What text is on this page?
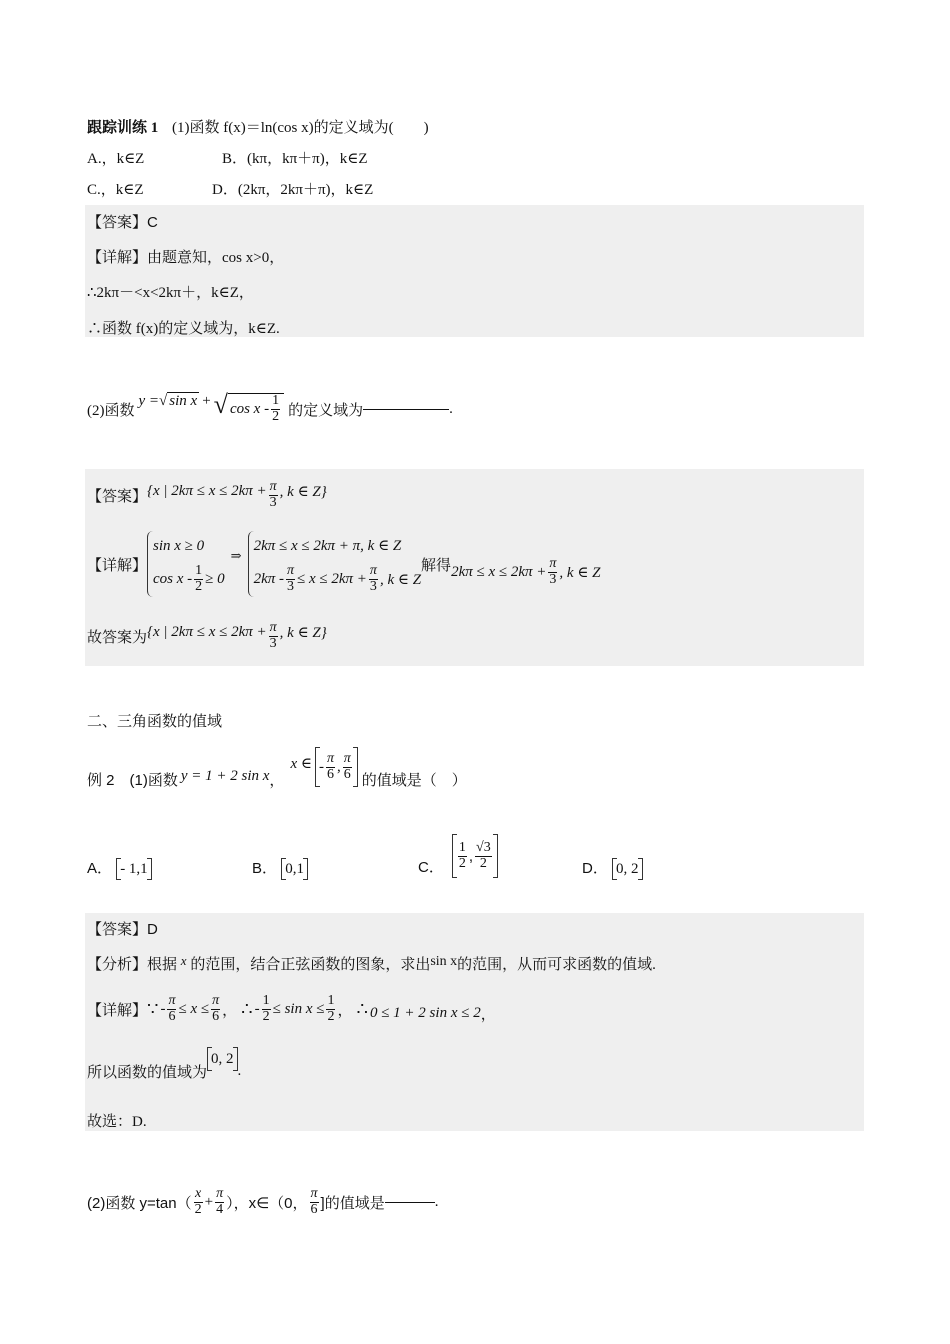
跟踪训练 1 (1)函数 f(x)＝ln(cos x)的定义域为(　　)
A.，k∈Z	B．(kπ，kπ＋π)，k∈Z
C.，k∈Z	D．(2kπ，2kπ＋π)，k∈Z
【答案】C
【详解】由题意知，cos x>0，
∴2kπ－<x<2kπ＋，k∈Z，
∴函数 f(x)的定义域为，k∈Z.
(2)函数
y = √ sin x + √ cos x - $\frac{1}{2}$ 的定义域为	.
【答案】 {x | $2k\pi \le x \le 2k\pi + \frac{\pi}{3}$ , k ∈ Z}
【详解】
sin x ≥ 0
$\cos x - \frac{1}{2} \ge 0$
⇒
2kπ ≤ x ≤ 2kπ + π, k ∈ Z
$2k\pi - \frac{\pi}{3} \le x \le 2k\pi + \frac{\pi}{3}$ , k ∈ Z
解得 $2k\pi \le x \le 2k\pi + \frac{\pi}{3}$ , k ∈ Z
故答案为 {x | $2k\pi \le x \le 2k\pi + \frac{\pi}{3}$ , k ∈ Z}
二、三角函数的值域
例 2　(1)函数 y = 1 + 2 sin x ，
x ∈ - $\frac{\pi}{6}$ , $\frac{\pi}{6}$ 的值域是（　）
A． - 1,1	B． 0,1	C． $\frac{1}{2}$ , $\frac{√3}{2}$	D． 0, 2
【答案】D
【分析】根据 x 的范围，结合正弦函数的图象，求出sin x的范围，从而可求函数的值域.
【详解】 ∵ - $\frac{\pi}{6} \le x \le \frac{\pi}{6}$ ， ∴ - $\frac{1}{2} \le \sin x \le \frac{1}{2}$ ， ∴ 0 ≤ 1 + 2 sin x ≤ 2 ，
所以函数的值域为
0, 2
.
故选：D.
(2)函数 $y=\tan( \frac{x}{2} + \frac{\pi}{4}$ ），x∈（0， $\frac{\pi}{6}$ ]的值域是	.
